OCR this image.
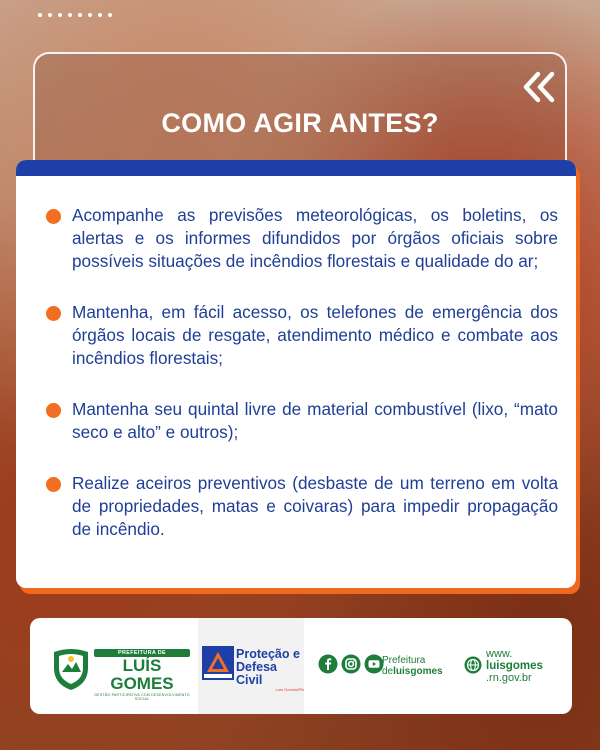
COMO AGIR ANTES?

Acompanhe as previsões meteorológicas, os boletins, os alertas e os informes difundidos por órgãos oficiais sobre possíveis situações de incêndios florestais e qualidade do ar;

Mantenha, em fácil acesso, os telefones de emergência dos órgãos locais de resgate, atendimento médico e combate aos incêndios florestais;

Mantenha seu quintal livre de material combustível (lixo, “mato seco e alto” e outros);

Realize aceiros preventivos (desbaste de um terreno em volta de propriedades, matas e coivaras) para impedir propagação de incêndio.

PREFEITURA DE
LUÍS GOMES
GESTÃO PARTICIPATIVA COM DESENVOLVIMENTO SOCIAL
Proteção e
Defesa Civil
Luís Gomes/RN
Prefeitura
deluisgomes
www.
luisgomes
.rn.gov.br
